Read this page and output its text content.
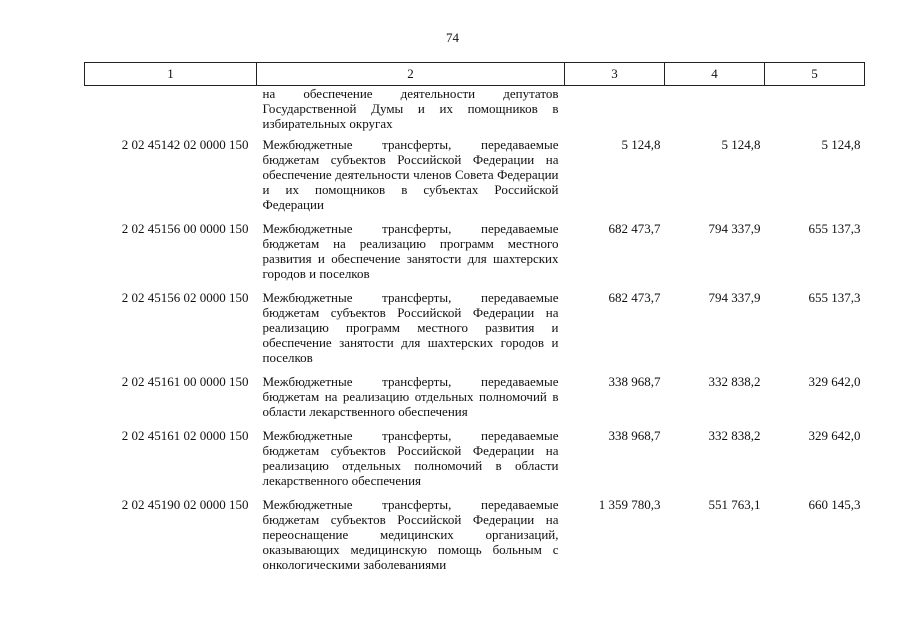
74
1	2	3	4	5
	на обеспечение деятельности депутатов Государственной Думы и их помощников в избирательных округах			
2 02 45142 02 0000 150	Межбюджетные трансферты, передаваемые бюджетам субъектов Российской Федерации на обеспечение деятельности членов Совета Федерации и их помощников в субъектах Российской Федерации	5 124,8	5 124,8	5 124,8
2 02 45156 00 0000 150	Межбюджетные трансферты, передаваемые бюджетам на реализацию программ местного развития и обеспечение занятости для шахтерских городов и поселков	682 473,7	794 337,9	655 137,3
2 02 45156 02 0000 150	Межбюджетные трансферты, передаваемые бюджетам субъектов Российской Федерации на реализацию программ местного развития и обеспечение занятости для шахтерских городов и поселков	682 473,7	794 337,9	655 137,3
2 02 45161 00 0000 150	Межбюджетные трансферты, передаваемые бюджетам на реализацию отдельных полномочий в области лекарственного обеспечения	338 968,7	332 838,2	329 642,0
2 02 45161 02 0000 150	Межбюджетные трансферты, передаваемые бюджетам субъектов Российской Федерации на реализацию отдельных полномочий в области лекарственного обеспечения	338 968,7	332 838,2	329 642,0
2 02 45190 02 0000 150	Межбюджетные трансферты, передаваемые бюджетам субъектов Российской Федерации на переоснащение медицинских организаций, оказывающих медицинскую помощь больным с онкологическими заболеваниями	1 359 780,3	551 763,1	660 145,3
